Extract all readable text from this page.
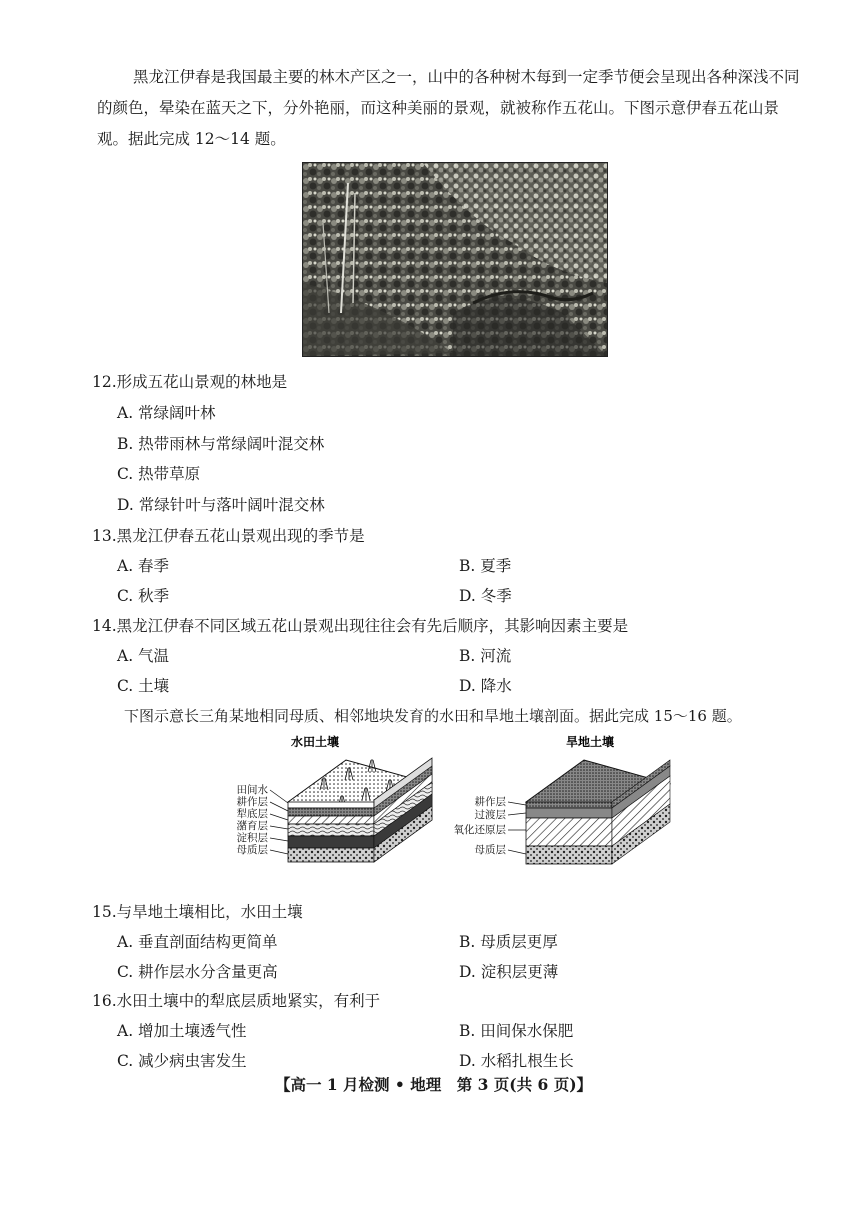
黑龙江伊春是我国最主要的林木产区之一，山中的各种树木每到一定季节便会呈现出各种深浅不同的颜色，晕染在蓝天之下，分外艳丽，而这种美丽的景观，就被称作五花山。下图示意伊春五花山景观。据此完成 12～14 题。
12.形成五花山景观的林地是
A. 常绿阔叶林
B. 热带雨林与常绿阔叶混交林
C. 热带草原
D. 常绿针叶与落叶阔叶混交林
13.黑龙江伊春五花山景观出现的季节是
A. 春季	B. 夏季
C. 秋季	D. 冬季
14.黑龙江伊春不同区域五花山景观出现往往会有先后顺序，其影响因素主要是
A. 气温	B. 河流
C. 土壤	D. 降水
下图示意长三角某地相同母质、相邻地块发育的水田和旱地土壤剖面。据此完成 15～16 题。
水田土壤
田间水
耕作层
犁底层
潴育层
淀积层
母质层
旱地土壤
耕作层
过渡层
氧化还原层
母质层
15.与旱地土壤相比，水田土壤
A. 垂直剖面结构更简单	B. 母质层更厚
C. 耕作层水分含量更高	D. 淀积层更薄
16.水田土壤中的犁底层质地紧实，有利于
A. 增加土壤透气性	B. 田间保水保肥
C. 减少病虫害发生	D. 水稻扎根生长
【高一 1 月检测 • 地理　第 3 页(共 6 页)】
